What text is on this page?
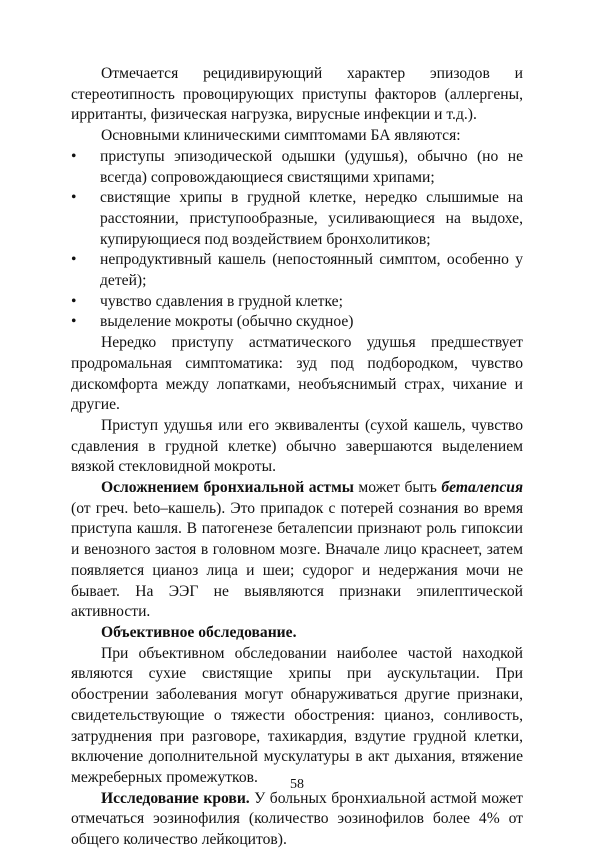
Отмечается рецидивирующий характер эпизодов и стереотипность провоцирующих приступы факторов (аллергены, ирританты, физическая нагрузка, вирусные инфекции и т.д.).

Основными клиническими симптомами БА являются:

• приступы эпизодической одышки (удушья), обычно (но не всегда) сопровождающиеся свистящими хрипами;
• свистящие хрипы в грудной клетке, нередко слышимые на расстоянии, приступообразные, усиливающиеся на выдохе, купирующиеся под воздействием бронхолитиков;
• непродуктивный кашель (непостоянный симптом, особенно у детей);
• чувство сдавления в грудной клетке;
• выделение мокроты (обычно скудное)

Нередко приступу астматического удушья предшествует продромальная симптоматика: зуд под подбородком, чувство дискомфорта между лопатками, необъяснимый страх, чихание и другие.

Приступ удушья или его эквиваленты (сухой кашель, чувство сдавления в грудной клетке) обычно завершаются выделением вязкой стекловидной мокроты.

Осложнением бронхиальной астмы может быть беталепсия (от греч. beto–кашель). Это припадок с потерей сознания во время приступа кашля. В патогенезе беталепсии признают роль гипоксии и венозного застоя в головном мозге. Вначале лицо краснеет, затем появляется цианоз лица и шеи; судорог и недержания мочи не бывает. На ЭЭГ не выявляются признаки эпилептической активности.

Объективное обследование.

При объективном обследовании наиболее частой находкой являются сухие свистящие хрипы при аускультации. При обострении заболевания могут обнаруживаться другие признаки, свидетельствующие о тяжести обострения: цианоз, сонливость, затруднения при разговоре, тахикардия, вздутие грудной клетки, включение дополнительной мускулатуры в акт дыхания, втяжение межреберных промежутков.

Исследование крови. У больных бронхиальной астмой может отмечаться эозинофилия (количество эозинофилов более 4% от общего количество лейкоцитов).

58
